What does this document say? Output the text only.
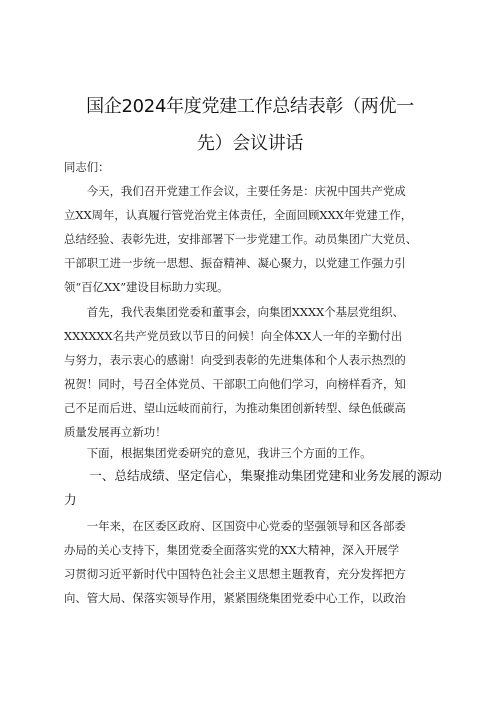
国企2024年度党建工作总结表彰（两优一
先）会议讲话
同志们：
　　今天，我们召开党建工作会议，主要任务是：庆祝中国共产党成
立XX周年，认真履行管党治党主体责任，全面回顾XXX年党建工作，
总结经验、表彰先进，安排部署下一步党建工作。动员集团广大党员、
干部职工进一步统一思想、振奋精神、凝心聚力，以党建工作强力引
领“百亿XX”建设目标助力实现。
　　首先，我代表集团党委和董事会，向集团XXXX个基层党组织、
XXXXXX名共产党员致以节日的问候！向全体XX人一年的辛勤付出
与努力，表示衷心的感谢！向受到表彰的先进集体和个人表示热烈的
祝贺！同时，号召全体党员、干部职工向他们学习，向榜样看齐，知
己不足而后进、望山远岐而前行，为推动集团创新转型、绿色低碳高
质量发展再立新功！
　　下面，根据集团党委研究的意见，我讲三个方面的工作。
　　一、总结成绩、坚定信心，集聚推动集团党建和业务发展的源动
力
　　一年来，在区委区政府、区国资中心党委的坚强领导和区各部委
办局的关心支持下，集团党委全面落实党的XX大精神，深入开展学
习贯彻习近平新时代中国特色社会主义思想主题教育，充分发挥把方
向、管大局、保落实领导作用，紧紧围绕集团党委中心工作，以政治
